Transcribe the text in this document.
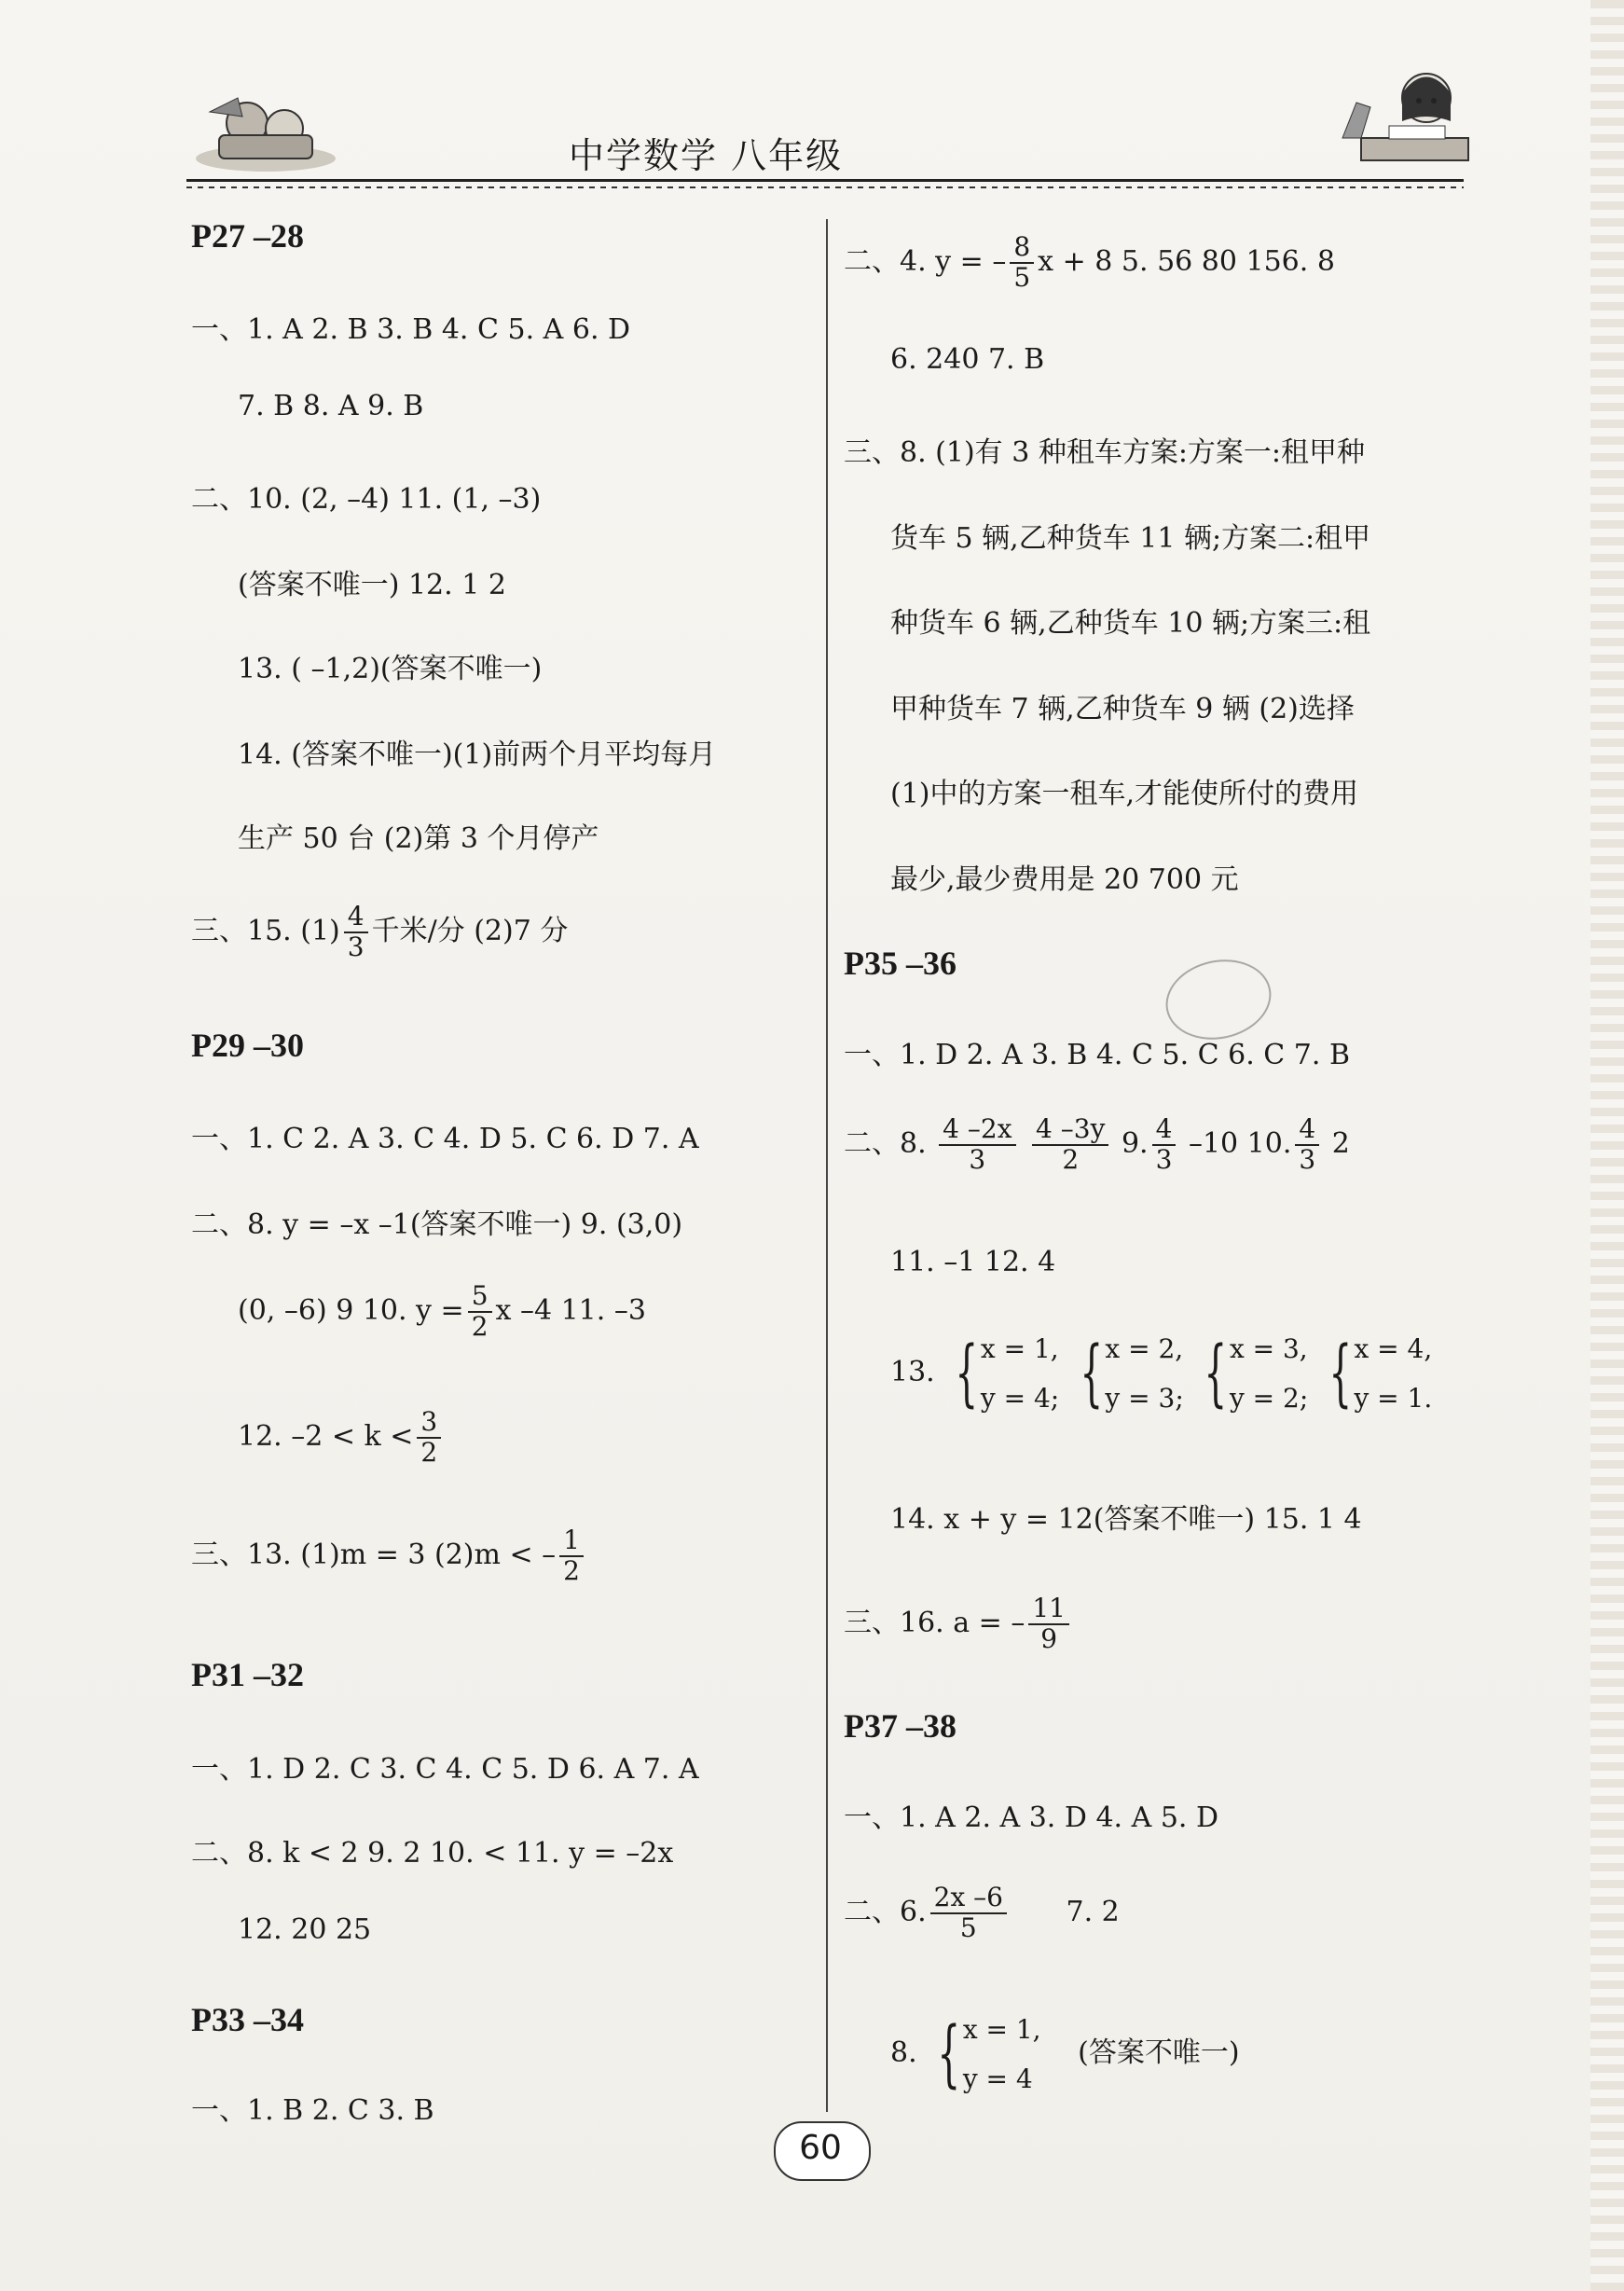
中学数学 八年级
P27 –28
一、1. A 2. B 3. B 4. C 5. A 6. D
7. B 8. A 9. B
二、10. (2, –4) 11. (1, –3)
(答案不唯一) 12. 1 2
13. ( –1,2)(答案不唯一)
14. (答案不唯一)(1)前两个月平均每月
生产 50 台 (2)第 3 个月停产
三、15. $(1) \frac{4}{3}$ 千米/分 (2)7 分
P29 –30
一、1. C 2. A 3. C 4. D 5. C 6. D 7. A
二、8. y = –x –1(答案不唯一) 9. (3,0)
(0, –6) 9 10. $y = \frac{5}{2}$ x –4 11. –3
12. $-2 < k < \frac{3}{2}$
三、13. (1)m = 3 (2)m < – $\frac{1}{2}$
P31 –32
一、1. D 2. C 3. C 4. C 5. D 6. A 7. A
二、8. k < 2 9. 2 10. < 11. y = –2x
12. 20 25
P33 –34
一、1. B 2. C 3. B
二、4. y = – $\frac{8}{5}$ x + 8 5. 56 80 156. 8
6. 240 7. B
三、8. (1)有 3 种租车方案:方案一:租甲种
货车 5 辆,乙种货车 11 辆;方案二:租甲
种货车 6 辆,乙种货车 10 辆;方案三:租
甲种货车 7 辆,乙种货车 9 辆 (2)选择
(1)中的方案一租车,才能使所付的费用
最少,最少费用是 20 700 元
P35 –36
一、1. D 2. A 3. B 4. C 5. C 6. C 7. B
二、8. $\frac{4 -2x}{3}$
$\frac{4 -3y}{2} 9$. $\frac{4}{3} -10$ 10. $\frac{4}{3} 2$
11. –1 12. 4
13. { x = 1,
y = 4; { x = 2,
y = 3; { x = 3,
y = 2; { x = 4,
y = 1.
14. x + y = 12(答案不唯一) 15. 1 4
三、16. a = – $\frac{11}{9}$
P37 –38
一、1. A 2. A 3. D 4. A 5. D
二、6. $\frac{2x -6}{5} 7$. 2
8. { x = 1,
y = 4
(答案不唯一)
60
